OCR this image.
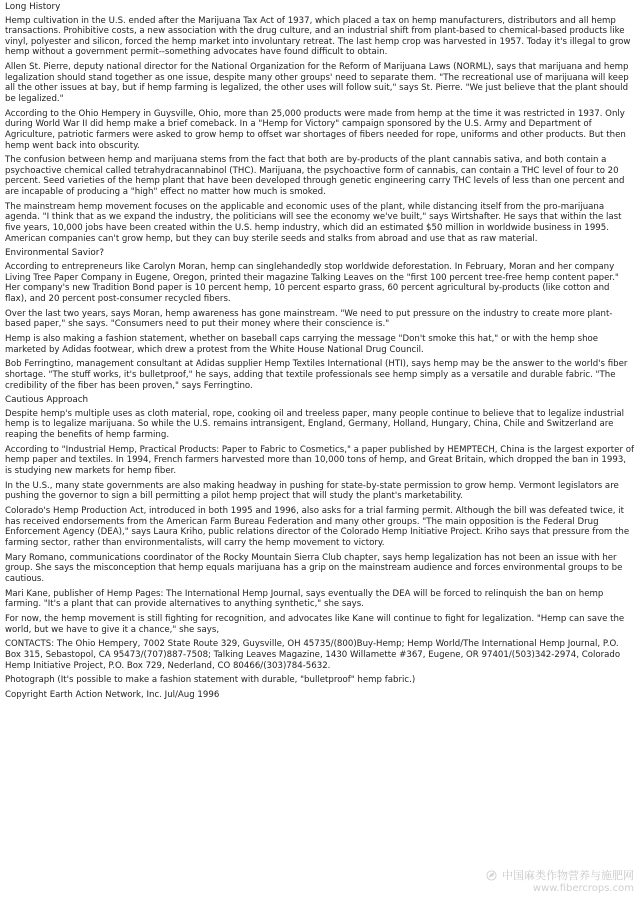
Long History
Hemp cultivation in the U.S. ended after the Marijuana Tax Act of 1937, which placed a tax on hemp manufacturers, distributors and all hemp transactions. Prohibitive costs, a new association with the drug culture, and an industrial shift from plant-based to chemical-based products like vinyl, polyester and silicon, forced the hemp market into involuntary retreat. The last hemp crop was harvested in 1957. Today it's illegal to grow hemp without a government permit--something advocates have found difficult to obtain.
Allen St. Pierre, deputy national director for the National Organization for the Reform of Marijuana Laws (NORML), says that marijuana and hemp legalization should stand together as one issue, despite many other groups' need to separate them. "The recreational use of marijuana will keep all the other issues at bay, but if hemp farming is legalized, the other uses will follow suit," says St. Pierre. "We just believe that the plant should be legalized."
According to the Ohio Hempery in Guysville, Ohio, more than 25,000 products were made from hemp at the time it was restricted in 1937. Only during World War II did hemp make a brief comeback. In a "Hemp for Victory" campaign sponsored by the U.S. Army and Department of Agriculture, patriotic farmers were asked to grow hemp to offset war shortages of fibers needed for rope, uniforms and other products. But then hemp went back into obscurity.
The confusion between hemp and marijuana stems from the fact that both are by-products of the plant cannabis sativa, and both contain a psychoactive chemical called tetrahydracannabinol (THC). Marijuana, the psychoactive form of cannabis, can contain a THC level of four to 20 percent. Seed varieties of the hemp plant that have been developed through genetic engineering carry THC levels of less than one percent and are incapable of producing a "high" effect no matter how much is smoked.
The mainstream hemp movement focuses on the applicable and economic uses of the plant, while distancing itself from the pro-marijuana agenda. "I think that as we expand the industry, the politicians will see the economy we've built," says Wirtshafter. He says that within the last five years, 10,000 jobs have been created within the U.S. hemp industry, which did an estimated $50 million in worldwide business in 1995. American companies can't grow hemp, but they can buy sterile seeds and stalks from abroad and use that as raw material.
Environmental Savior?
According to entrepreneurs like Carolyn Moran, hemp can singlehandedly stop worldwide deforestation. In February, Moran and her company Living Tree Paper Company in Eugene, Oregon, printed their magazine Talking Leaves on the "first 100 percent tree-free hemp content paper." Her company's new Tradition Bond paper is 10 percent hemp, 10 percent esparto grass, 60 percent agricultural by-products (like cotton and flax), and 20 percent post-consumer recycled fibers.
Over the last two years, says Moran, hemp awareness has gone mainstream. "We need to put pressure on the industry to create more plant-based paper," she says. "Consumers need to put their money where their conscience is."
Hemp is also making a fashion statement, whether on baseball caps carrying the message "Don't smoke this hat," or with the hemp shoe marketed by Adidas footwear, which drew a protest from the White House National Drug Council.
Bob Ferringtino, management consultant at Adidas supplier Hemp Textiles International (HTI), says hemp may be the answer to the world's fiber shortage. "The stuff works, it's bulletproof," he says, adding that textile professionals see hemp simply as a versatile and durable fabric. "The credibility of the fiber has been proven," says Ferringtino.
Cautious Approach
Despite hemp's multiple uses as cloth material, rope, cooking oil and treeless paper, many people continue to believe that to legalize industrial hemp is to legalize marijuana. So while the U.S. remains intransigent, England, Germany, Holland, Hungary, China, Chile and Switzerland are reaping the benefits of hemp farming.
According to "Industrial Hemp, Practical Products: Paper to Fabric to Cosmetics," a paper published by HEMPTECH, China is the largest exporter of hemp paper and textiles. In 1994, French farmers harvested more than 10,000 tons of hemp, and Great Britain, which dropped the ban in 1993, is studying new markets for hemp fiber.
In the U.S., many state governments are also making headway in pushing for state-by-state permission to grow hemp. Vermont legislators are pushing the governor to sign a bill permitting a pilot hemp project that will study the plant's marketability.
Colorado's Hemp Production Act, introduced in both 1995 and 1996, also asks for a trial farming permit. Although the bill was defeated twice, it has received endorsements from the American Farm Bureau Federation and many other groups. "The main opposition is the Federal Drug Enforcement Agency (DEA)," says Laura Kriho, public relations director of the Colorado Hemp Initiative Project. Kriho says that pressure from the farming sector, rather than environmentalists, will carry the hemp movement to victory.
Mary Romano, communications coordinator of the Rocky Mountain Sierra Club chapter, says hemp legalization has not been an issue with her group. She says the misconception that hemp equals marijuana has a grip on the mainstream audience and forces environmental groups to be cautious.
Mari Kane, publisher of Hemp Pages: The International Hemp Journal, says eventually the DEA will be forced to relinquish the ban on hemp farming. "It's a plant that can provide alternatives to anything synthetic," she says.
For now, the hemp movement is still fighting for recognition, and advocates like Kane will continue to fight for legalization. "Hemp can save the world, but we have to give it a chance," she says,
CONTACTS: The Ohio Hempery, 7002 State Route 329, Guysville, OH 45735/(800)Buy-Hemp; Hemp World/The International Hemp Journal, P.O. Box 315, Sebastopol, CA 95473/(707)887-7508; Talking Leaves Magazine, 1430 Willamette #367, Eugene, OR 97401/(503)342-2974, Colorado Hemp Initiative Project, P.O. Box 729, Nederland, CO 80466/(303)784-5632.
Photograph (It's possible to make a fashion statement with durable, "bulletproof" hemp fabric.)
Copyright Earth Action Network, Inc. Jul/Aug 1996
中国麻类作物营养与施肥网
www.fibercrops.com
